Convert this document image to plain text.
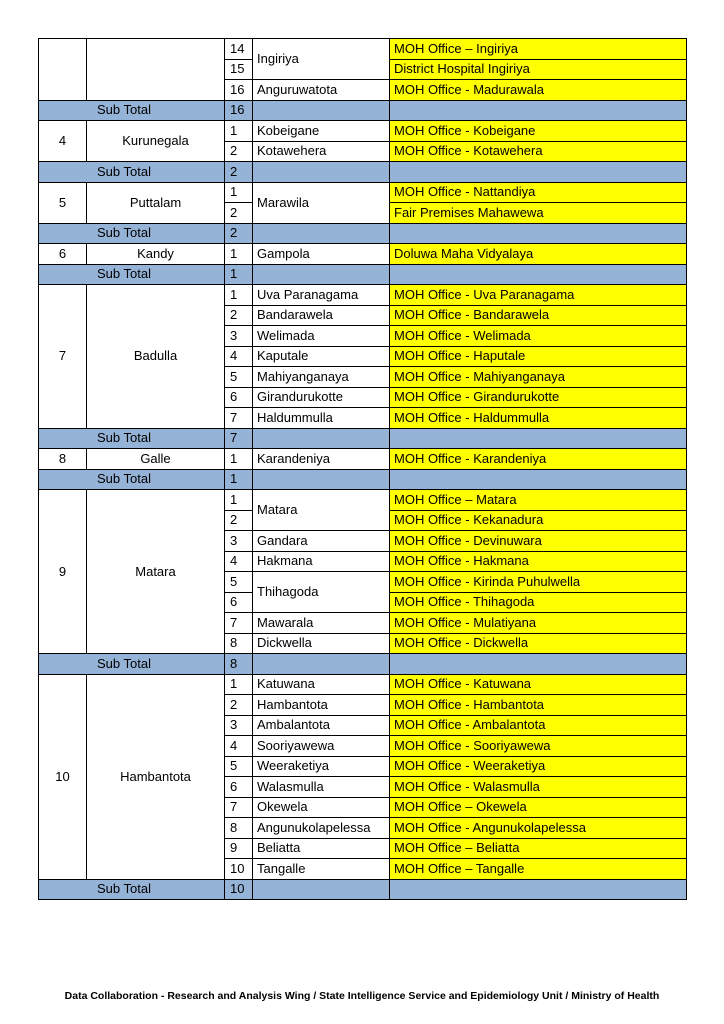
		14	Ingiriya	MOH Office – Ingiriya
		15		District Hospital Ingiriya
		16	Anguruwatota	MOH Office - Madurawala
Sub Total		16		
4	Kurunegala	1	Kobeigane	MOH Office - Kobeigane
		2	Kotawehera	MOH Office - Kotawehera
Sub Total		2		
5	Puttalam	1	Marawila	MOH Office - Nattandiya
		2		Fair Premises Mahawewa
Sub Total		2		
6	Kandy	1	Gampola	Doluwa Maha Vidyalaya
Sub Total		1		
7	Badulla	1	Uva Paranagama	MOH Office - Uva Paranagama
		2	Bandarawela	MOH Office - Bandarawela
		3	Welimada	MOH Office - Welimada
		4	Kaputale	MOH Office - Haputale
		5	Mahiyanganaya	MOH Office - Mahiyanganaya
		6	Girandurukotte	MOH Office - Girandurukotte
		7	Haldummulla	MOH Office - Haldummulla
Sub Total		7		
8	Galle	1	Karandeniya	MOH Office - Karandeniya
Sub Total		1		
9	Matara	1	Matara	MOH Office – Matara
		2		MOH Office - Kekanadura
		3	Gandara	MOH Office - Devinuwara
		4	Hakmana	MOH Office - Hakmana
		5	Thihagoda	MOH Office - Kirinda Puhulwella
		6		MOH Office - Thihagoda
		7	Mawarala	MOH Office - Mulatiyana
		8	Dickwella	MOH Office - Dickwella
Sub Total		8		
10	Hambantota	1	Katuwana	MOH Office - Katuwana
		2	Hambantota	MOH Office - Hambantota
		3	Ambalantota	MOH Office - Ambalantota
		4	Sooriyawewa	MOH Office - Sooriyawewa
		5	Weeraketiya	MOH Office - Weeraketiya
		6	Walasmulla	MOH Office - Walasmulla
		7	Okewela	MOH Office – Okewela
		8	Angunukolapelessa	MOH Office - Angunukolapelessa
		9	Beliatta	MOH Office – Beliatta
		10	Tangalle	MOH Office – Tangalle
Sub Total		10		
Data Collaboration - Research and Analysis Wing / State Intelligence Service and Epidemiology Unit / Ministry of Health
